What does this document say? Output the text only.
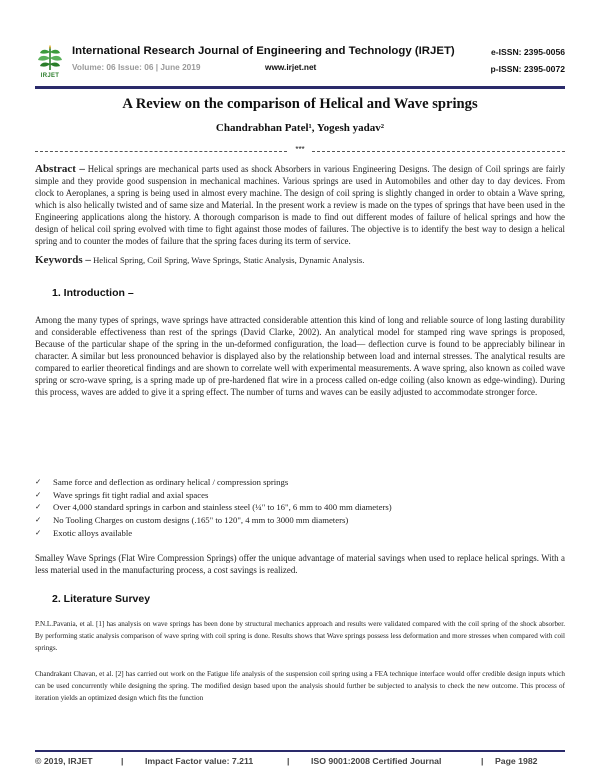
IRJET
International Research Journal of Engineering and Technology (IRJET)
Volume: 06 Issue: 06 | June 2019	www.irjet.net
e-ISSN: 2395-0056
p-ISSN: 2395-0072
A Review on the comparison of Helical and Wave springs
Chandrabhan Patel¹, Yogesh yadav²
***
Abstract – Helical springs are mechanical parts used as shock Absorbers in various Engineering Designs. The design of Coil springs are fairly simple and they provide good suspension in mechanical machines. Various springs are used in Automobiles and other day to day devices. From clock to Aeroplanes, a spring is being used in almost every machine. The design of coil spring is slightly changed in order to obtain a Wave spring, which is also helically twisted and of same size and Material. In the present work a review is made on the types of springs that have been used in the Engineering applications along the history. A thorough comparison is made to find out different modes of failure of helical springs and how the design of helical coil spring evolved with time to fight against those modes of failures. The objective is to identify the best way to design a helical spring and to counter the modes of failure that the spring faces during its term of service.
Keywords – Helical Spring, Coil Spring, Wave Springs, Static Analysis, Dynamic Analysis.
1. Introduction –
Among the many types of springs, wave springs have attracted considerable attention this kind of long and reliable source of long lasting durability and considerable effectiveness than rest of the springs (David Clarke, 2002). An analytical model for stamped ring wave springs is proposed, Because of the particular shape of the spring in the un-deformed configuration, the load— deflection curve is found to be appreciably bilinear in character. A similar but less pronounced behavior is displayed also by the relationship between load and internal stresses. The analytical results are compared to earlier theoretical findings and are shown to correlate well with experimental measurements. A wave spring, also known as coiled wave spring or scro-wave spring, is a spring made up of pre-hardened flat wire in a process called on-edge coiling (also known as edge-winding). During this process, waves are added to give it a spring effect. The number of turns and waves can be easily adjusted to accommodate stronger force.
✓ Same force and deflection as ordinary helical / compression springs
✓ Wave springs fit tight radial and axial spaces
✓ Over 4,000 standard springs in carbon and stainless steel (¼" to 16", 6 mm to 400 mm diameters)
✓ No Tooling Charges on custom designs (.165" to 120", 4 mm to 3000 mm diameters)
✓ Exotic alloys available
Smalley Wave Springs (Flat Wire Compression Springs) offer the unique advantage of material savings when used to replace helical springs. With a less material used in the manufacturing process, a cost savings is realized.
2. Literature Survey
P.N.L.Pavania, et al. [1] has analysis on wave springs has been done by structural mechanics approach and results were validated compared with the coil spring of the shock absorber. By performing static analysis comparison of wave spring with coil spring is done. Results shows that Wave springs possess less deformation and more stresses when compared with coil springs.
Chandrakant Chavan, et al. [2] has carried out work on the Fatigue life analysis of the suspension coil spring using a FEA technique interface would offer credible design inputs which can be used concurrently while designing the spring. The modified design based upon the analysis should further be subjected to analysis to check the new outcome. This process of iteration yields an optimized design which fits the function
© 2019, IRJET	| Impact Factor value: 7.211	| ISO 9001:2008 Certified Journal	| Page 1982
